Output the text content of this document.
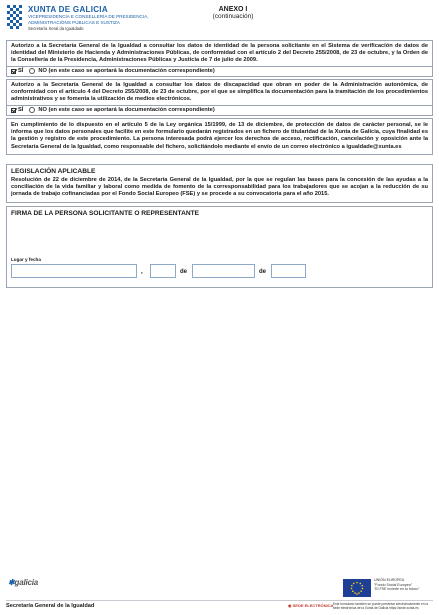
XUNTA DE GALICIA
VICEPRESIDENCIA E CONSELLERÍA DE PRESIDENCIA,
ADMINISTRACIÓNS PÚBLICAS E XUSTIZA
Secretaría Xeral da Igualdade
ANEXO I
(continuación)

Autorizo a la Secretaría General de la Igualdad a consultar los datos de identidad de la persona solicitante en el Sistema de verificación de datos de identidad del Ministerio de Hacienda y Administraciones Públicas, de conformidad con el artículo 2 del Decreto 255/2008, de 23 de octubre, y la Orden de la Consellería de la Presidencia, Administraciones Públicas y Justicia de 7 de julio de 2009.

SÍ	NO (en este caso se aportará la documentación correspondiente)

Autorizo a la Secretaría General de la Igualdad a consultar los datos de discapacidad que obran en poder de la Administración autonómica, de conformidad con el artículo 4 del Decreto 255/2008, de 23 de octubre, por el que se simplifica la documentación para la tramitación de los procedimientos administrativos y se fomenta la utilización de medios electrónicos.

SÍ	NO (en este caso se aportará la documentación correspondiente)

En cumplimiento de lo dispuesto en el artículo 5 de la Ley orgánica 15/1999, de 13 de diciembre, de protección de datos de carácter personal, se le informa que los datos personales que facilite en este formulario quedarán registrados en un fichero de titularidad de la Xunta de Galicia, cuya finalidad es la gestión y registro de este procedimiento. La persona interesada podrá ejercer los derechos de acceso, rectificación, cancelación y oposición ante la Secretaría General de la Igualdad, como responsable del fichero, solicitándolo mediante el envío de un correo electrónico a igualdade@xunta.es

LEGISLACIÓN APLICABLE

Resolución de 22 de diciembre de 2014, de la Secretaría General de la Igualdad, por la que se regulan las bases para la concesión de las ayudas a la conciliación de la vida familiar y laboral como medida de fomento de la corresponsabilidad para los trabajadores que se acojan a la reducción de su jornada de trabajo cofinanciadas por el Fondo Social Europeo (FSE) y se procede a su convocatoria para el año 2015.

FIRMA DE LA PERSONA SOLICITANTE O REPRESENTANTE
Lugar y fecha
,	de	de
✱galicia	UNIÓN EUROPEA
"Fondo Social Europeo"
"El FSE invierte en tu futuro"
Secretaría General de la Igualdad	◉ SEDE ELECTRÓNICA Este formulario también se puede presentar electrónicamente en la sede electrónica de la Xunta de Galicia https://sede.xunta.es
